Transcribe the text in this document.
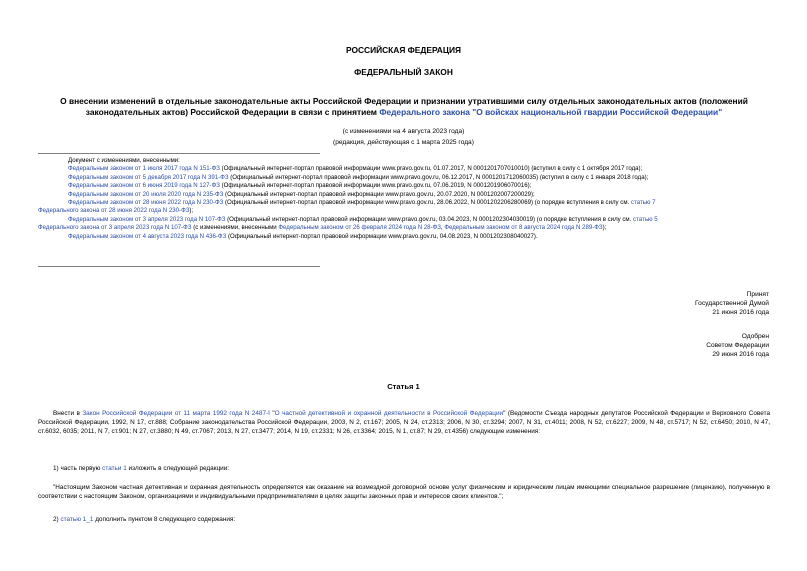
РОССИЙСКАЯ ФЕДЕРАЦИЯ
ФЕДЕРАЛЬНЫЙ ЗАКОН
О внесении изменений в отдельные законодательные акты Российской Федерации и признании утратившими силу отдельных законодательных актов (положений законодательных актов) Российской Федерации в связи с принятием Федерального закона "О войсках национальной гвардии Российской Федерации"
(с изменениями на 4 августа 2023 года)
(редакция, действующая с 1 марта 2025 года)
Документ с изменениями, внесенными:
Федеральным законом от 1 июля 2017 года N 151-ФЗ (Официальный интернет-портал правовой информации www.pravo.gov.ru, 01.07.2017, N 0001201707010010) (вступил в силу с 1 октября 2017 года);
Федеральным законом от 5 декабря 2017 года N 391-ФЗ (Официальный интернет-портал правовой информации www.pravo.gov.ru, 06.12.2017, N 0001201712060035) (вступил в силу с 1 января 2018 года);
Федеральным законом от 6 июня 2019 года N 127-ФЗ (Официальный интернет-портал правовой информации www.pravo.gov.ru, 07.06.2019, N 0001201906070016);
Федеральным законом от 20 июля 2020 года N 235-ФЗ (Официальный интернет-портал правовой информации www.pravo.gov.ru, 20.07.2020, N 0001202007200029);
Федеральным законом от 28 июня 2022 года N 230-ФЗ (Официальный интернет-портал правовой информации www.pravo.gov.ru, 28.06.2022, N 0001202206280069) (о порядке вступления в силу см. статью 7
Федерального закона от 28 июня 2022 года N 230-ФЗ);
Федеральным законом от 3 апреля 2023 года N 107-ФЗ (Официальный интернет-портал правовой информации www.pravo.gov.ru, 03.04.2023, N 0001202304030019) (о порядке вступления в силу см. статью 5
Федерального закона от 3 апреля 2023 года N 107-ФЗ (с изменениями, внесенными Федеральным законом от 26 февраля 2024 года N 28-ФЗ, Федеральным законом от 8 августа 2024 года N 289-ФЗ);
Федеральным законом от 4 августа 2023 года N 436-ФЗ (Официальный интернет-портал правовой информации www.pravo.gov.ru, 04.08.2023, N 0001202308040027).
Принят
Государственной Думой
21 июня 2016 года
Одобрен
Советом Федерации
29 июня 2016 года
Статья 1
Внести в Закон Российской Федерации от 11 марта 1992 года N 2487-I "О частной детективной и охранной деятельности в Российской Федерации" (Ведомости Съезда народных депутатов Российской Федерации и Верховного Совета Российской Федерации, 1992, N 17, ст.888; Собрание законодательства Российской Федерации, 2003, N 2, ст.167; 2005, N 24, ст.2313; 2006, N 30, ст.3294; 2007, N 31, ст.4011; 2008, N 52, ст.6227; 2009, N 48, ст.5717; N 52, ст.6450; 2010, N 47, ст.6032, 6035; 2011, N 7, ст.901; N 27, ст.3880; N 49, ст.7067; 2013, N 27, ст.3477; 2014, N 19, ст.2331; N 26, ст.3364; 2015, N 1, ст.87; N 29, ст.4356) следующие изменения:
1) часть первую статьи 1 изложить в следующей редакции:
"Настоящим Законом частная детективная и охранная деятельность определяется как оказание на возмездной договорной основе услуг физическим и юридическим лицам имеющими специальное разрешение (лицензию), полученную в соответствии с настоящим Законом, организациями и индивидуальными предпринимателями в целях защиты законных прав и интересов своих клиентов.";
2) статью 1_1 дополнить пунктом 8 следующего содержания:
